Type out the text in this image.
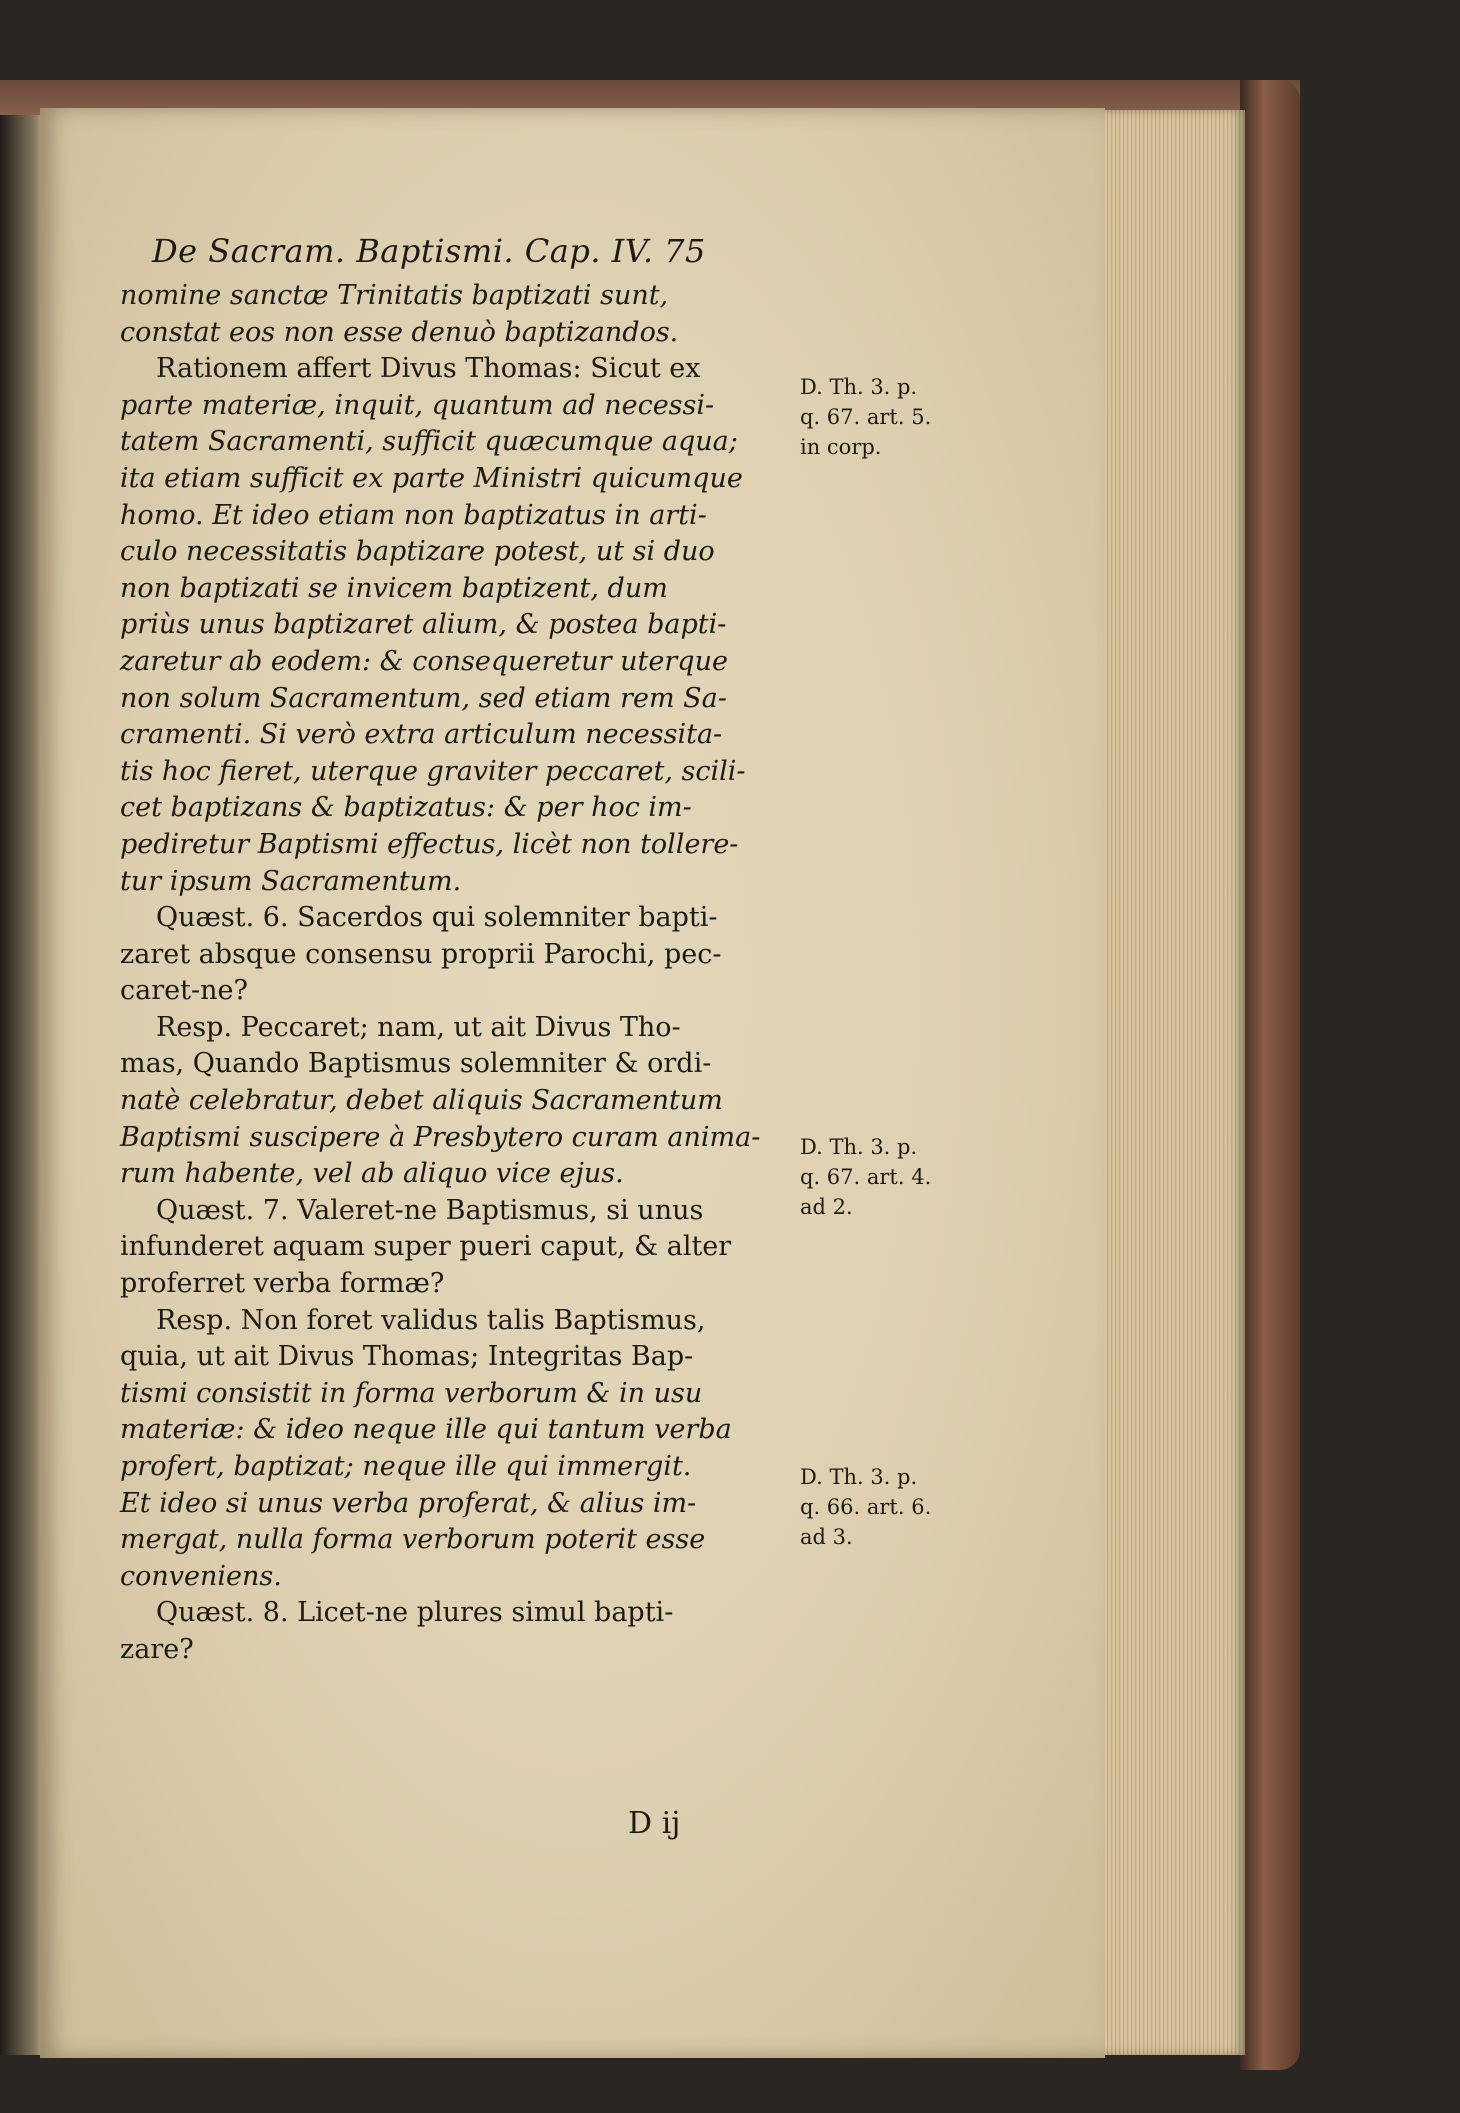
De Sacram. Baptismi. Cap. IV. 75
nomine sanctæ Trinitatis baptizati sunt,
constat eos non esse denuò baptizandos.
Rationem affert Divus Thomas: Sicut ex
parte materiæ, inquit, quantum ad necessi-
tatem Sacramenti, sufficit quæcumque aqua;
ita etiam sufficit ex parte Ministri quicumque
homo. Et ideo etiam non baptizatus in arti-
culo necessitatis baptizare potest, ut si duo
non baptizati se invicem baptizent, dum
priùs unus baptizaret alium, & postea bapti-
zaretur ab eodem: & consequeretur uterque
non solum Sacramentum, sed etiam rem Sa-
cramenti. Si verò extra articulum necessita-
tis hoc fieret, uterque graviter peccaret, scili-
cet baptizans & baptizatus: & per hoc im-
pediretur Baptismi effectus, licèt non tollere-
tur ipsum Sacramentum.
Quæst. 6. Sacerdos qui solemniter bapti-
zaret absque consensu proprii Parochi, pec-
caret-ne?
Resp. Peccaret; nam, ut ait Divus Tho-
mas, Quando Baptismus solemniter & ordi-
natè celebratur, debet aliquis Sacramentum
Baptismi suscipere à Presbytero curam anima-
rum habente, vel ab aliquo vice ejus.
Quæst. 7. Valeret-ne Baptismus, si unus
infunderet aquam super pueri caput, & alter
proferret verba formæ?
Resp. Non foret validus talis Baptismus,
quia, ut ait Divus Thomas; Integritas Bap-
tismi consistit in forma verborum & in usu
materiæ: & ideo neque ille qui tantum verba
profert, baptizat; neque ille qui immergit.
Et ideo si unus verba proferat, & alius im-
mergat, nulla forma verborum poterit esse
conveniens.
Quæst. 8. Licet-ne plures simul bapti-
zare?
D. Th. 3. p.
q. 67. art. 5.
in corp.
D. Th. 3. p.
q. 67. art. 4.
ad 2.
D. Th. 3. p.
q. 66. art. 6.
ad 3.
D ij
